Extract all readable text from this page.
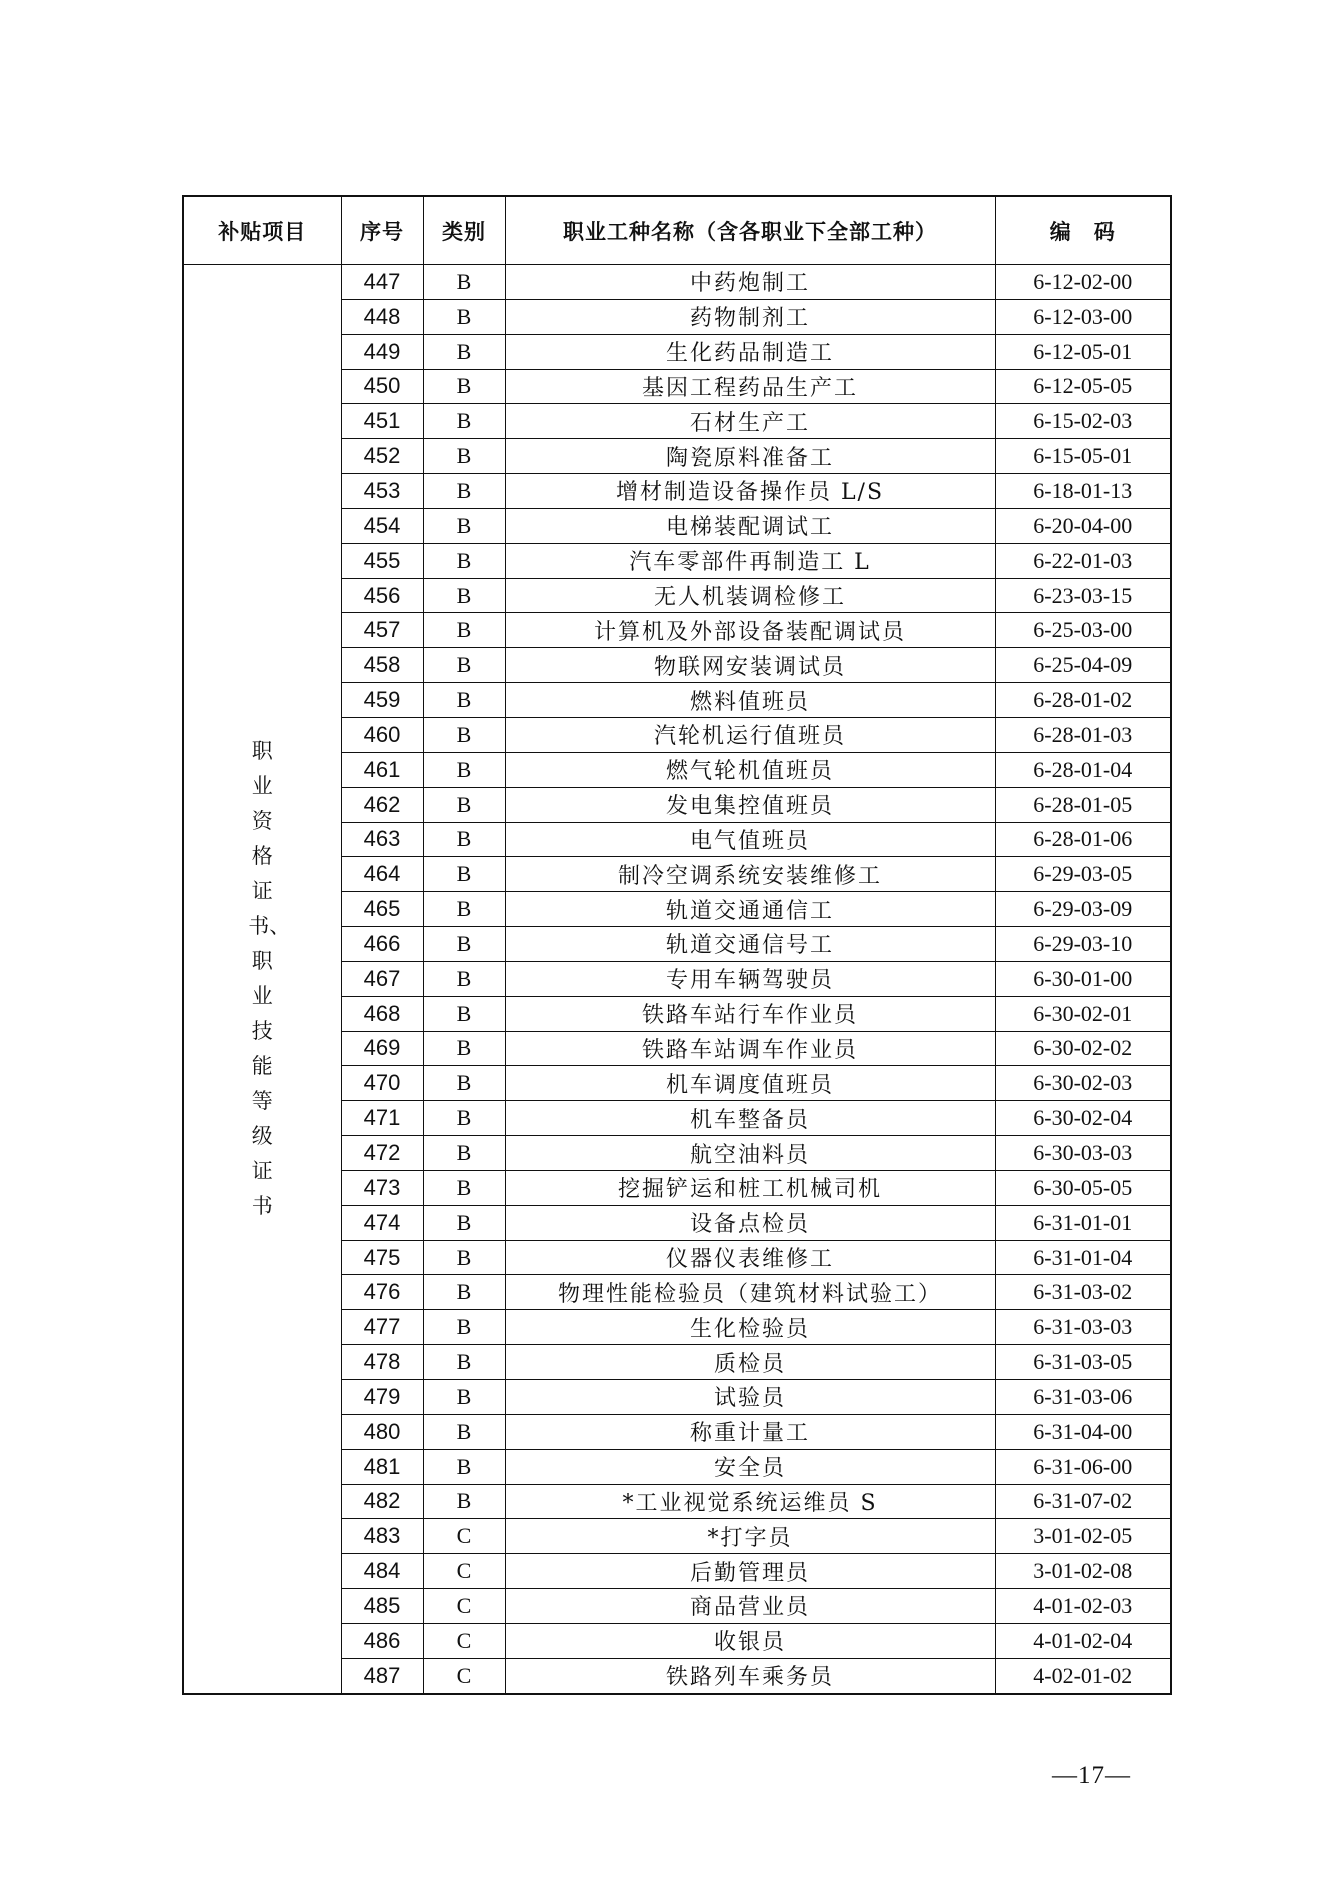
补贴项目	序号	类别	职业工种名称（含各职业下全部工种）	编　码
职业资格证书、职业技能等级证书	447	B	中药炮制工	6-12-02-00
	448	B	药物制剂工	6-12-03-00
	449	B	生化药品制造工	6-12-05-01
	450	B	基因工程药品生产工	6-12-05-05
	451	B	石材生产工	6-15-02-03
	452	B	陶瓷原料准备工	6-15-05-01
	453	B	增材制造设备操作员 L/S	6-18-01-13
	454	B	电梯装配调试工	6-20-04-00
	455	B	汽车零部件再制造工 L	6-22-01-03
	456	B	无人机装调检修工	6-23-03-15
	457	B	计算机及外部设备装配调试员	6-25-03-00
	458	B	物联网安装调试员	6-25-04-09
	459	B	燃料值班员	6-28-01-02
	460	B	汽轮机运行值班员	6-28-01-03
	461	B	燃气轮机值班员	6-28-01-04
	462	B	发电集控值班员	6-28-01-05
	463	B	电气值班员	6-28-01-06
	464	B	制冷空调系统安装维修工	6-29-03-05
	465	B	轨道交通通信工	6-29-03-09
	466	B	轨道交通信号工	6-29-03-10
	467	B	专用车辆驾驶员	6-30-01-00
	468	B	铁路车站行车作业员	6-30-02-01
	469	B	铁路车站调车作业员	6-30-02-02
	470	B	机车调度值班员	6-30-02-03
	471	B	机车整备员	6-30-02-04
	472	B	航空油料员	6-30-03-03
	473	B	挖掘铲运和桩工机械司机	6-30-05-05
	474	B	设备点检员	6-31-01-01
	475	B	仪器仪表维修工	6-31-01-04
	476	B	物理性能检验员（建筑材料试验工）	6-31-03-02
	477	B	生化检验员	6-31-03-03
	478	B	质检员	6-31-03-05
	479	B	试验员	6-31-03-06
	480	B	称重计量工	6-31-04-00
	481	B	安全员	6-31-06-00
	482	B	*工业视觉系统运维员 S	6-31-07-02
	483	C	*打字员	3-01-02-05
	484	C	后勤管理员	3-01-02-08
	485	C	商品营业员	4-01-02-03
	486	C	收银员	4-01-02-04
	487	C	铁路列车乘务员	4-02-01-02
—17—
